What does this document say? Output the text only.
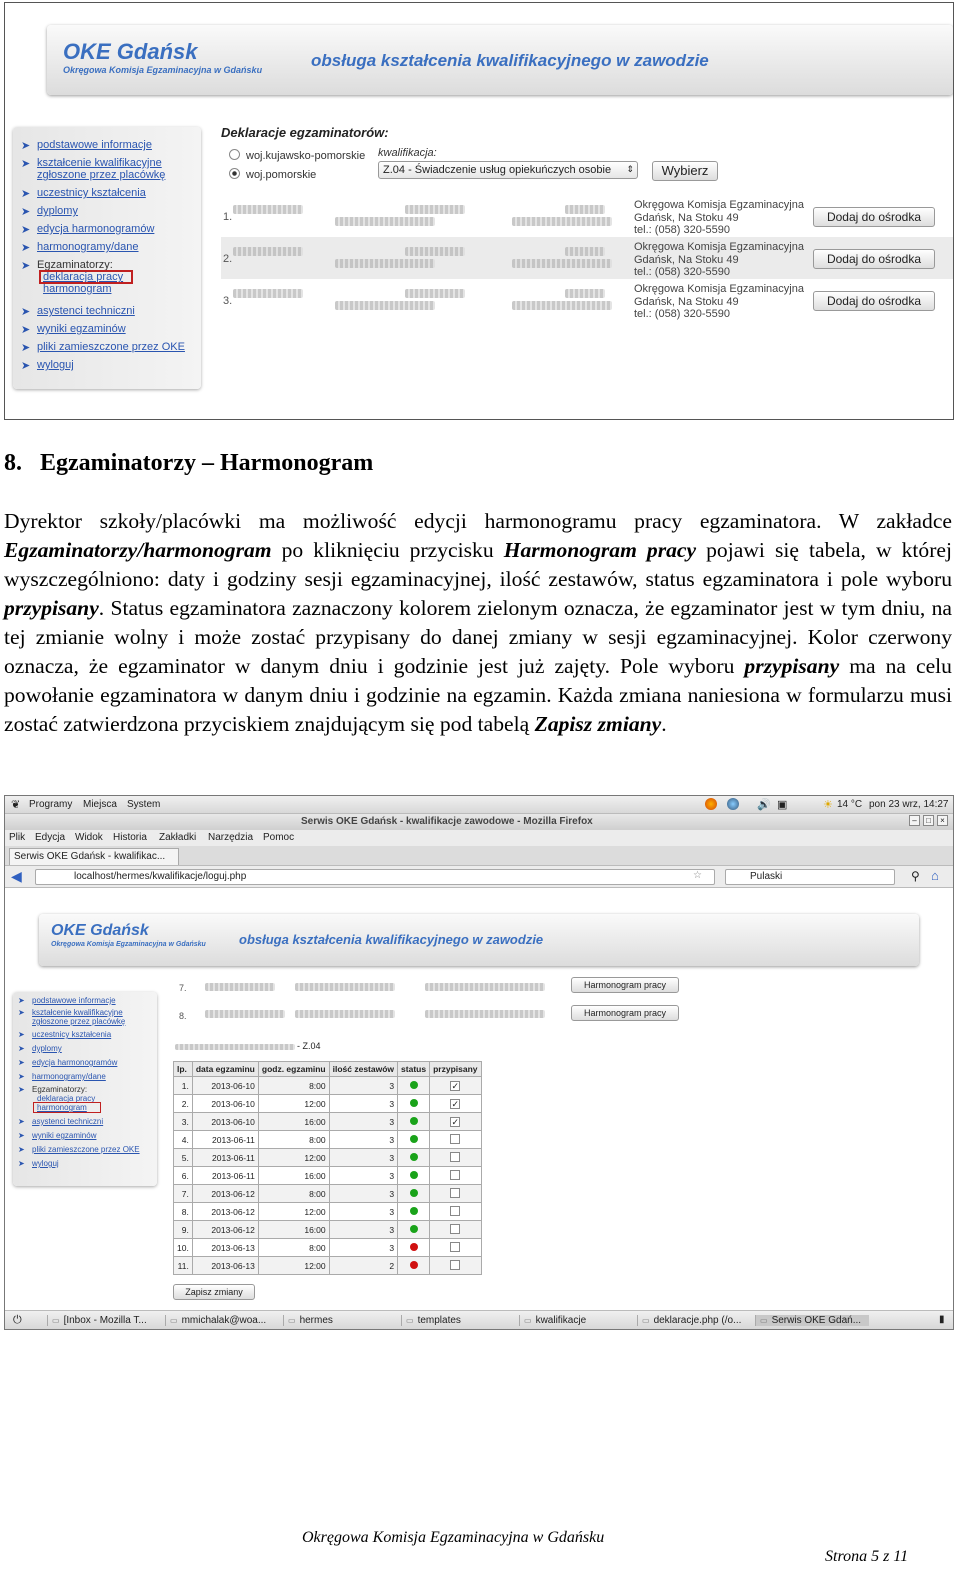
OKE Gdańsk
Okręgowa Komisja Egzaminacyjna w Gdańsku	obsługa kształcenia kwalifikacyjnego w zawodzie
➤ podstawowe informacje
➤ kształcenie kwalifikacyjne
zgłoszone przez placówkę
➤ uczestnicy kształcenia
➤ dyplomy
➤ edycja harmonogramów
➤ harmonogramy/dane
➤ Egzaminatorzy:
deklaracja pracy
harmonogram
➤ asystenci techniczni
➤ wyniki egzaminów
➤ pliki zamieszczone przez OKE
➤ wyloguj
Deklaracje egzaminatorów:
woj.kujawsko-pomorskie
woj.pomorskie
kwalifikacja:
Z.04 - Świadczenie usług opiekuńczych osobie ⇕	Wybierz
1.
Okręgowa Komisja Egzaminacyjna
Gdańsk, Na Stoku 49
tel.: (058) 320-5590
Dodaj do ośrodka
2.
Okręgowa Komisja Egzaminacyjna
Gdańsk, Na Stoku 49
tel.: (058) 320-5590
Dodaj do ośrodka
3.
Okręgowa Komisja Egzaminacyjna
Gdańsk, Na Stoku 49
tel.: (058) 320-5590
Dodaj do ośrodka
8. Egzaminatorzy – Harmonogram
Dyrektor szkoły/placówki ma możliwość edycji harmonogramu pracy egzaminatora. W zakładce Egzaminatorzy/harmonogram po kliknięciu przycisku Harmonogram pracy pojawi się tabela, w której wyszczególniono: daty i godziny sesji egzaminacyjnej, ilość zestawów, status egzaminatora i pole wyboru przypisany. Status egzaminatora zaznaczony kolorem zielonym oznacza, że egzaminator jest w tym dniu, na tej zmianie wolny i może zostać przypisany do danej zmiany w sesji egzaminacyjnej. Kolor czerwony oznacza, że egzaminator w danym dniu i godzinie jest już zajęty. Pole wyboru przypisany ma na celu powołanie egzaminatora w danym dniu i godzinie na egzamin. Każda zmiana naniesiona w formularzu musi zostać zatwierdzona przyciskiem znajdującym się pod tabelą Zapisz zmiany.
❦ Programy Miejsca System	🔊 ▣	☀ 14 °C pon 23 wrz, 14:27
Serwis OKE Gdańsk - kwalifikacje zawodowe - Mozilla Firefox	–	□	×
Plik Edycja Widok Historia Zakładki Narzędzia Pomoc
Serwis OKE Gdańsk - kwalifikac...
◀	localhost/hermes/kwalifikacje/loguj.php	☆	Pulaski	⚲ ⌂
OKE Gdańsk
Okręgowa Komisja Egzaminacyjna w Gdańsku	obsługa kształcenia kwalifikacyjnego w zawodzie
➤ podstawowe informacje
➤ kształcenie kwalifikacyjne
zgłoszone przez placówkę
➤ uczestnicy kształcenia
➤ dyplomy
➤ edycja harmonogramów
➤ harmonogramy/dane
➤ Egzaminatorzy:
deklaracja pracy
harmonogram
➤ asystenci techniczni
➤ wyniki egzaminów
➤ pliki zamieszczone przez OKE
➤ wyloguj
7.	Harmonogram pracy
8.	Harmonogram pracy
- Z.04
lp.	data egzaminu	godz. egzaminu	ilość zestawów	status	przypisany
1.	2013-06-10	8:00	3		✓
2.	2013-06-10	12:00	3		✓
3.	2013-06-10	16:00	3		✓
4.	2013-06-11	8:00	3		
5.	2013-06-11	12:00	3		
6.	2013-06-11	16:00	3		
7.	2013-06-12	8:00	3		
8.	2013-06-12	12:00	3		
9.	2013-06-12	16:00	3		
10.	2013-06-13	8:00	3		
11.	2013-06-13	12:00	2		
Zapisz zmiany
⏻	▭ [Inbox - Mozilla T...	▭ mmichalak@woa...	▭ hermes	▭ templates	▭ kwalifikacje	▭ deklaracje.php (/o...	▭ Serwis OKE Gdań...	▮
Okręgowa Komisja Egzaminacyjna w Gdańsku
Strona 5 z 11
